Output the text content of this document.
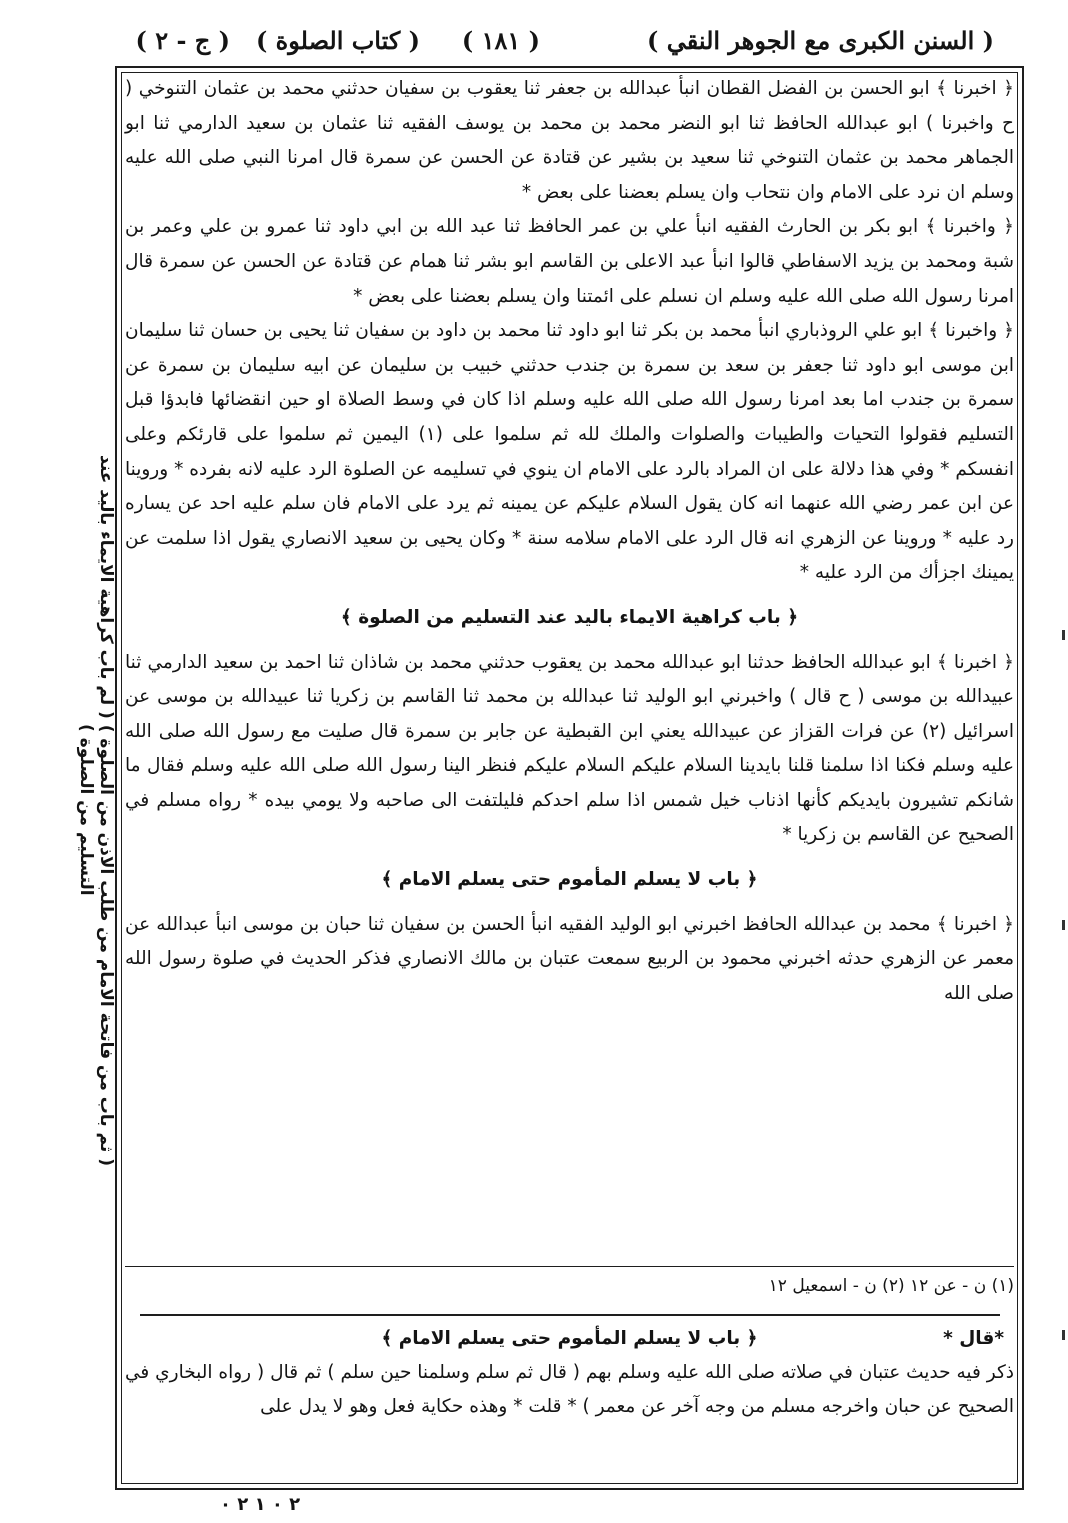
( السنن الكبرى مع الجوهر النقي )
( ١٨١ )
( كتاب الصلوة )
( ج - ٢ )

﴿ اخبرنا ﴾ ابو الحسن بن الفضل القطان انبأ عبدالله بن جعفر ثنا يعقوب بن سفيان حدثني محمد بن عثمان التنوخي ( ح واخبرنا ) ابو عبدالله الحافظ ثنا ابو النضر محمد بن محمد بن يوسف الفقيه ثنا عثمان بن سعيد الدارمي ثنا ابو الجماهر محمد بن عثمان التنوخي ثنا سعيد بن بشير عن قتادة عن الحسن عن سمرة قال امرنا النبي صلى الله عليه وسلم ان نرد على الامام وان نتحاب وان يسلم بعضنا على بعض *

﴿ واخبرنا ﴾ ابو بكر بن الحارث الفقيه انبأ علي بن عمر الحافظ ثنا عبد الله بن ابي داود ثنا عمرو بن علي وعمر بن شبة ومحمد بن يزيد الاسفاطي قالوا انبأ عبد الاعلى بن القاسم ابو بشر ثنا همام عن قتادة عن الحسن عن سمرة قال امرنا رسول الله صلى الله عليه وسلم ان نسلم على ائمتنا وان يسلم بعضنا على بعض *

﴿ واخبرنا ﴾ ابو علي الروذباري انبأ محمد بن بكر ثنا ابو داود ثنا محمد بن داود بن سفيان ثنا يحيى بن حسان ثنا سليمان ابن موسى ابو داود ثنا جعفر بن سعد بن سمرة بن جندب حدثني خبيب بن سليمان عن ابيه سليمان بن سمرة عن سمرة بن جندب اما بعد امرنا رسول الله صلى الله عليه وسلم اذا كان في وسط الصلاة او حين انقضائها فابدؤا قبل التسليم فقولوا التحيات والطيبات والصلوات والملك لله ثم سلموا على (١) اليمين ثم سلموا على قارئكم وعلى انفسكم * وفي هذا دلالة على ان المراد بالرد على الامام ان ينوي في تسليمه عن الصلوة الرد عليه لانه بفرده * وروينا عن ابن عمر رضي الله عنهما انه كان يقول السلام عليكم عن يمينه ثم يرد على الامام فان سلم عليه احد عن يساره رد عليه * وروينا عن الزهري انه قال الرد على الامام سلامه سنة * وكان يحيى بن سعيد الانصاري يقول اذا سلمت عن يمينك اجزأك من الرد عليه *

﴿ باب كراهية الايماء باليد عند التسليم من الصلوة ﴾

﴿ اخبرنا ﴾ ابو عبدالله الحافظ حدثنا ابو عبدالله محمد بن يعقوب حدثني محمد بن شاذان ثنا احمد بن سعيد الدارمي ثنا عبيدالله بن موسى ( ح قال ) واخبرني ابو الوليد ثنا عبدالله بن محمد ثنا القاسم بن زكريا ثنا عبيدالله بن موسى عن اسرائيل (٢) عن فرات القزاز عن عبيدالله يعني ابن القبطية عن جابر بن سمرة قال صليت مع رسول الله صلى الله عليه وسلم فكنا اذا سلمنا قلنا بايدينا السلام عليكم السلام عليكم فنظر الينا رسول الله صلى الله عليه وسلم فقال ما شانكم تشيرون بايديكم كأنها اذناب خيل شمس اذا سلم احدكم فليلتفت الى صاحبه ولا يومي بيده * رواه مسلم في الصحيح عن القاسم بن زكريا *

﴿ باب لا يسلم المأموم حتى يسلم الامام ﴾

﴿ اخبرنا ﴾ محمد بن عبدالله الحافظ اخبرني ابو الوليد الفقيه انبأ الحسن بن سفيان ثنا حبان بن موسى انبأ عبدالله عن معمر عن الزهري حدثه اخبرني محمود بن الربيع سمعت عتبان بن مالك الانصاري فذكر الحديث في صلوة رسول الله صلى الله

(١) ن - عن ١٢ (٢) ن - اسمعيل ١٢
*قال *
﴿ باب لا يسلم المأموم حتى يسلم الامام ﴾

ذكر فيه حديث عتبان في صلاته صلى الله عليه وسلم بهم ( قال ثم سلم وسلمنا حين سلم ) ثم قال ( رواه البخاري في الصحيح عن حبان واخرجه مسلم من وجه آخر عن معمر ) * قلت * وهذه حكاية فعل وهو لا يدل على

( ثم باب من فاتحة الامام من طلب الاذن من الصلوة ) ( لم باب كراهية الايماء باليد عند التسليم من الصلوة )
٢ ٠ ١ ٢ ٠
